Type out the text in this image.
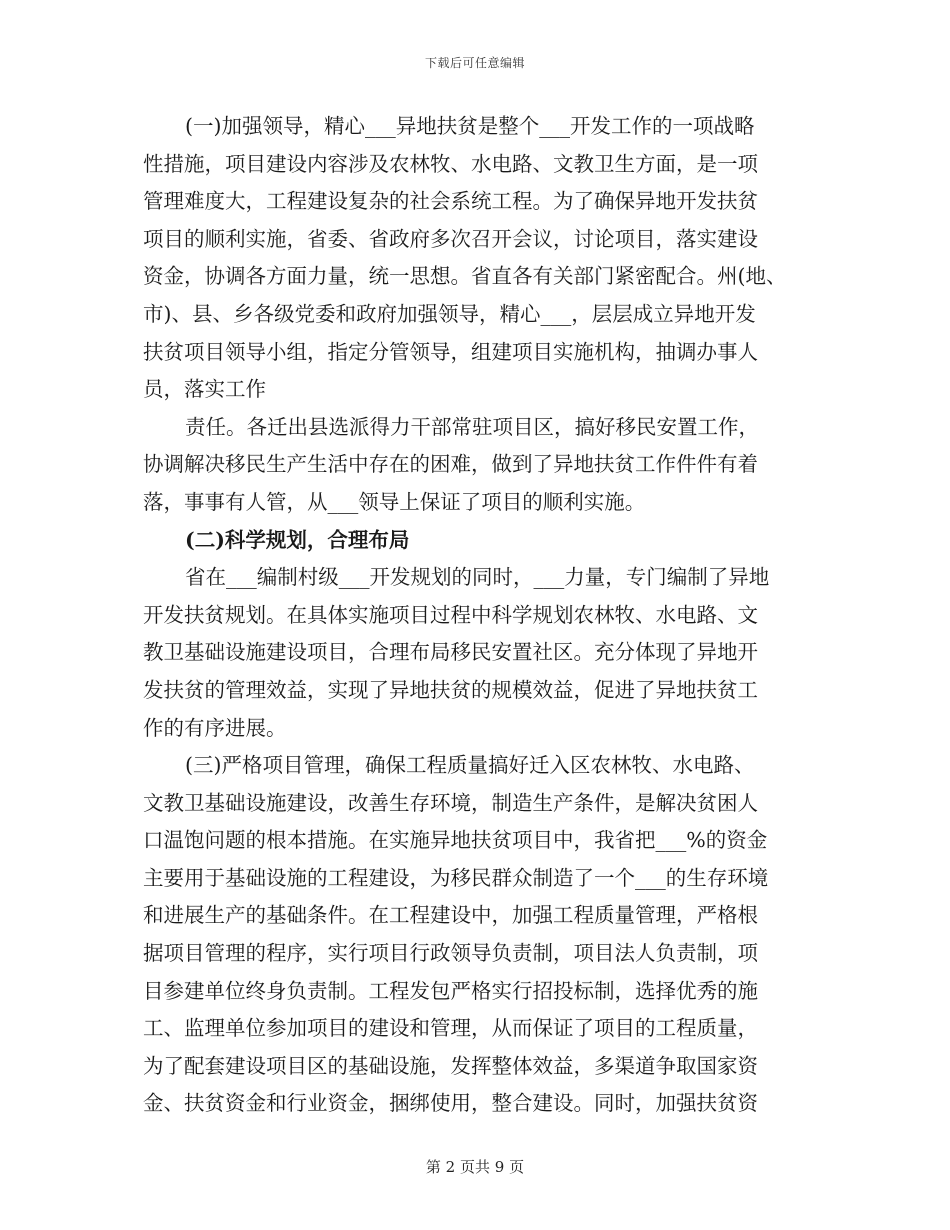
下载后可任意编辑
(一)加强领导，精心___异地扶贫是整个___开发工作的一项战略
性措施，项目建设内容涉及农林牧、水电路、文教卫生方面，是一项
管理难度大，工程建设复杂的社会系统工程。为了确保异地开发扶贫
项目的顺利实施，省委、省政府多次召开会议，讨论项目，落实建设
资金，协调各方面力量，统一思想。省直各有关部门紧密配合。州(地、
市)、县、乡各级党委和政府加强领导，精心___，层层成立异地开发
扶贫项目领导小组，指定分管领导，组建项目实施机构，抽调办事人
员，落实工作
责任。各迁出县选派得力干部常驻项目区，搞好移民安置工作，
协调解决移民生产生活中存在的困难，做到了异地扶贫工作件件有着
落，事事有人管，从___领导上保证了项目的顺利实施。
(二)科学规划，合理布局
省在___编制村级___开发规划的同时，___力量，专门编制了异地
开发扶贫规划。在具体实施项目过程中科学规划农林牧、水电路、文
教卫基础设施建设项目，合理布局移民安置社区。充分体现了异地开
发扶贫的管理效益，实现了异地扶贫的规模效益，促进了异地扶贫工
作的有序进展。
(三)严格项目管理，确保工程质量搞好迁入区农林牧、水电路、
文教卫基础设施建设，改善生存环境，制造生产条件，是解决贫困人
口温饱问题的根本措施。在实施异地扶贫项目中，我省把___%的资金
主要用于基础设施的工程建设，为移民群众制造了一个___的生存环境
和进展生产的基础条件。在工程建设中，加强工程质量管理，严格根
据项目管理的程序，实行项目行政领导负责制，项目法人负责制，项
目参建单位终身负责制。工程发包严格实行招投标制，选择优秀的施
工、监理单位参加项目的建设和管理，从而保证了项目的工程质量，
为了配套建设项目区的基础设施，发挥整体效益，多渠道争取国家资
金、扶贫资金和行业资金，捆绑使用，整合建设。同时，加强扶贫资
第 2 页共 9 页
